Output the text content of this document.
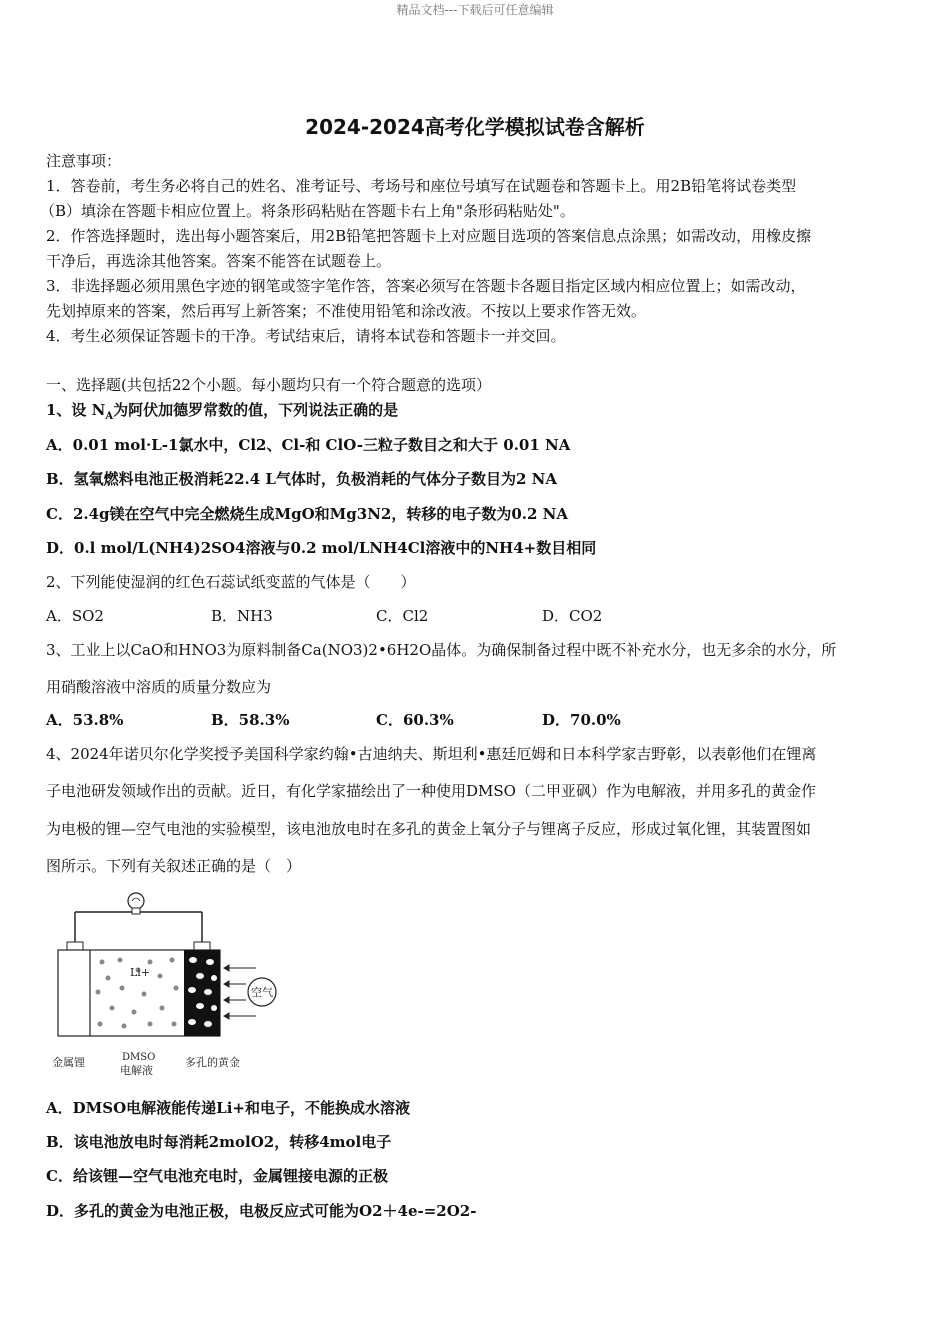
精品文档---下载后可任意编辑
2024-2024高考化学模拟试卷含解析
注意事项：
1．答卷前，考生务必将自己的姓名、准考证号、考场号和座位号填写在试题卷和答题卡上。用2B铅笔将试卷类型
（B）填涂在答题卡相应位置上。将条形码粘贴在答题卡右上角"条形码粘贴处"。
2．作答选择题时，选出每小题答案后，用2B铅笔把答题卡上对应题目选项的答案信息点涂黑；如需改动，用橡皮擦
干净后，再选涂其他答案。答案不能答在试题卷上。
3．非选择题必须用黑色字迹的钢笔或签字笔作答，答案必须写在答题卡各题目指定区域内相应位置上；如需改动，
先划掉原来的答案，然后再写上新答案；不准使用铅笔和涂改液。不按以上要求作答无效。
4．考生必须保证答题卡的干净。考试结束后，请将本试卷和答题卡一并交回。
一、选择题(共包括22个小题。每小题均只有一个符合题意的选项）
1、设 $N_A$为阿伏加德罗常数的值，下列说法正确的是
A．0.01 mol·L-1氯水中，Cl2、Cl-和 ClO-三粒子数目之和大于 0.01 NA
B．氢氧燃料电池正极消耗22.4 L气体时，负极消耗的气体分子数目为2 NA
C．2.4g镁在空气中完全燃烧生成MgO和Mg3N2，转移的电子数为0.2 NA
D．0.l mol/L(NH4)2SO4溶液与0.2 mol/LNH4Cl溶液中的NH4+数目相同
2、下列能使湿润的红色石蕊试纸变蓝的气体是（　　）
A．SO2	B．NH3	C．Cl2	D．CO2
3、工业上以CaO和HNO3为原料制备Ca(NO3)2•6H2O晶体。为确保制备过程中既不补充水分，也无多余的水分，所
用硝酸溶液中溶质的质量分数应为
A．53.8%	B．58.3%	C．60.3%	D．70.0%
4、2024年诺贝尔化学奖授予美国科学家约翰•古迪纳夫、斯坦利•惠廷厄姆和日本科学家吉野彰，以表彰他们在锂离
子电池研发领域作出的贡献。近日，有化学家描绘出了一种使用DMSO（二甲亚砜）作为电解液，并用多孔的黄金作
为电极的锂—空气电池的实验模型，该电池放电时在多孔的黄金上氧分子与锂离子反应，形成过氧化锂，其装置图如
图所示。下列有关叙述正确的是（　）
Li+
空气
金属锂	DMSO
电解液
多孔的黄金
A．DMSO电解液能传递Li+和电子，不能换成水溶液
B．该电池放电时每消耗2molO2，转移4mol电子
C．给该锂—空气电池充电时，金属锂接电源的正极
D．多孔的黄金为电池正极，电极反应式可能为O2＋4e-=2O2-
